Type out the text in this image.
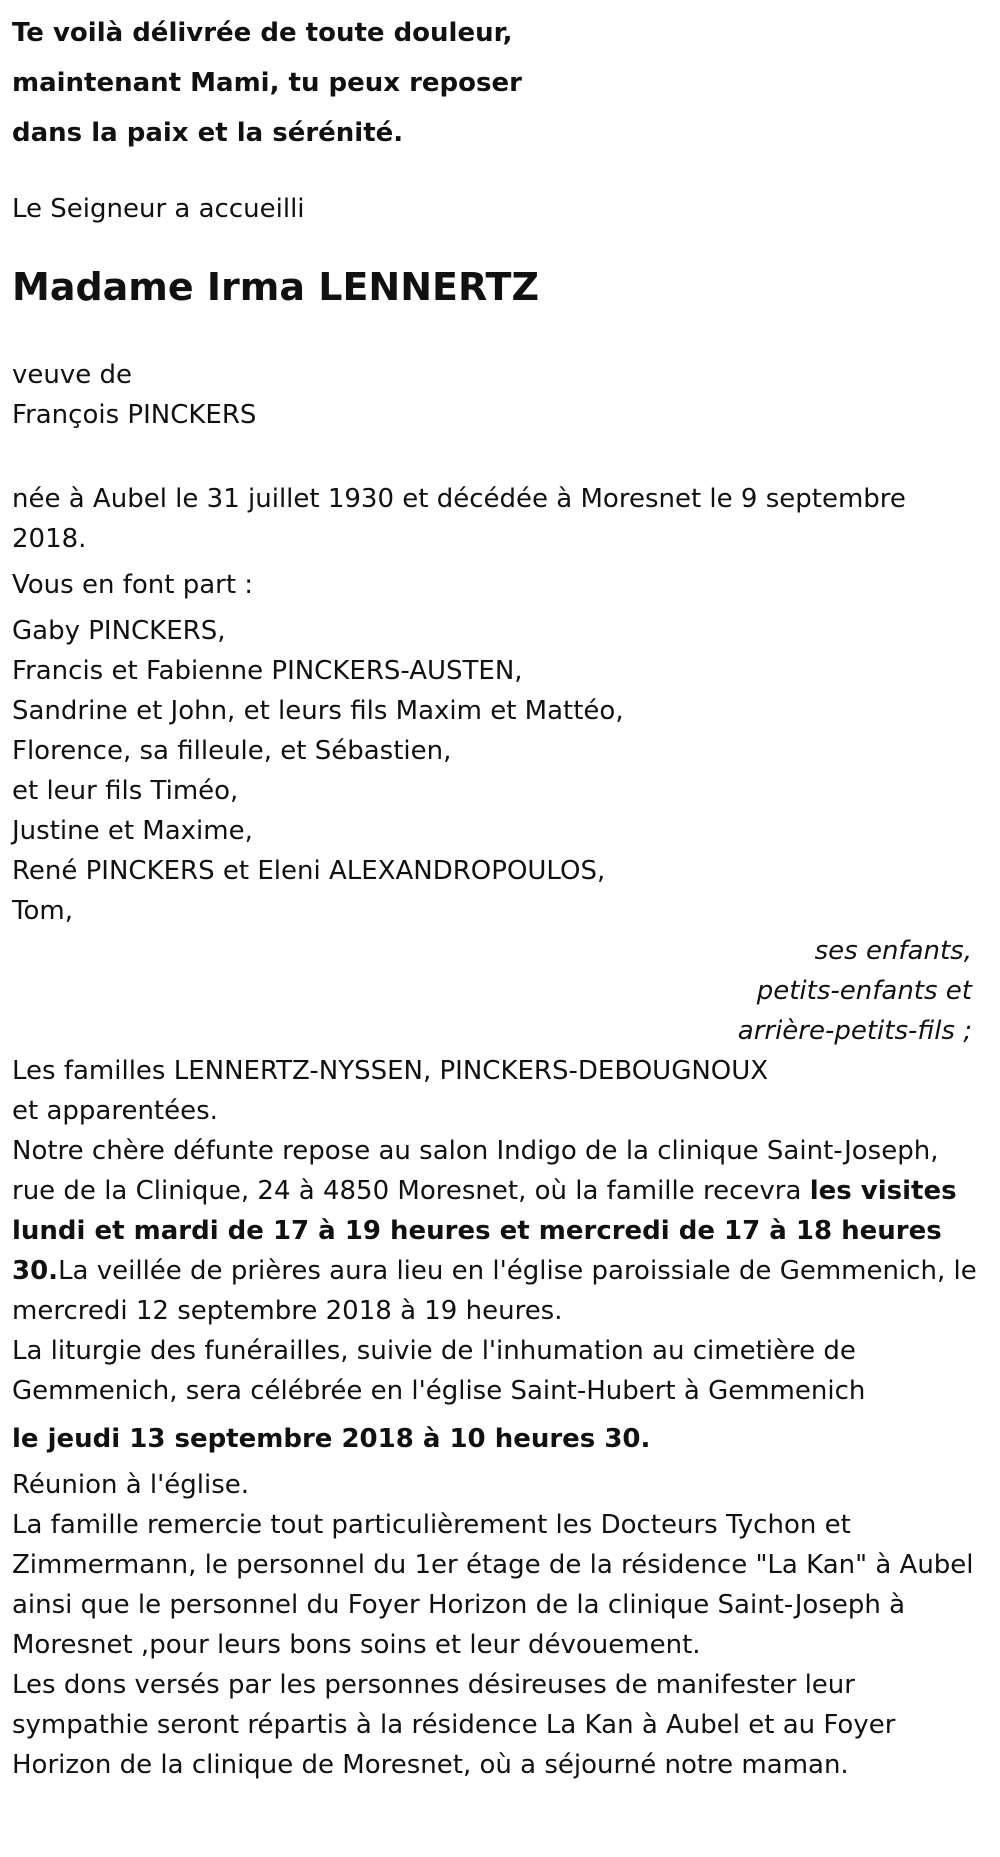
Te voilà délivrée de toute douleur,
maintenant Mami, tu peux reposer
dans la paix et la sérénité.
Le Seigneur a accueilli
Madame Irma LENNERTZ
veuve de
François PINCKERS
née à Aubel le 31 juillet 1930 et décédée à Moresnet le 9 septembre 2018.
Vous en font part :
Gaby PINCKERS,
Francis et Fabienne PINCKERS-AUSTEN,
Sandrine et John, et leurs fils Maxim et Mattéo,
Florence, sa filleule, et Sébastien,
et leur fils Timéo,
Justine et Maxime,
René PINCKERS et Eleni ALEXANDROPOULOS,
Tom,
ses enfants, petits-enfants et arrière-petits-fils ;
Les familles LENNERTZ-NYSSEN, PINCKERS-DEBOUGNOUX
et apparentées.
Notre chère défunte repose au salon Indigo de la clinique Saint-Joseph, rue de la Clinique, 24 à 4850 Moresnet, où la famille recevra les visites lundi et mardi de 17 à 19 heures et mercredi de 17 à 18 heures 30.La veillée de prières aura lieu en l'église paroissiale de Gemmenich, le mercredi 12 septembre 2018 à 19 heures.
La liturgie des funérailles, suivie de l'inhumation au cimetière de Gemmenich, sera célébrée en l'église Saint-Hubert à Gemmenich
le jeudi 13 septembre 2018 à 10 heures 30.
Réunion à l'église.
La famille remercie tout particulièrement les Docteurs Tychon et Zimmermann, le personnel du 1er étage de la résidence "La Kan" à Aubel ainsi que le personnel du Foyer Horizon de la clinique Saint-Joseph à Moresnet ,pour leurs bons soins et leur dévouement.
Les dons versés par les personnes désireuses de manifester leur sympathie seront répartis à la résidence La Kan à Aubel et au Foyer Horizon de la clinique de Moresnet, où a séjourné notre maman.
